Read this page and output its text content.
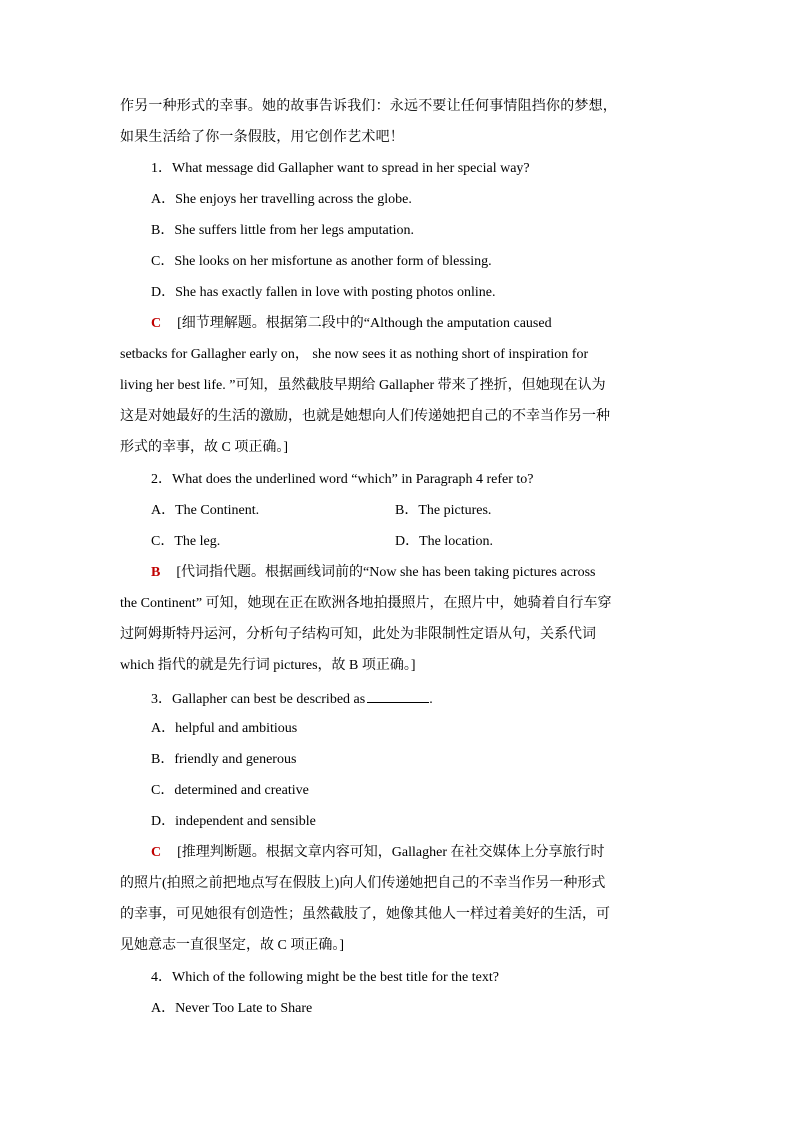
作另一种形式的幸事。她的故事告诉我们：永远不要让任何事情阻挡你的梦想，
如果生活给了你一条假肢，用它创作艺术吧！
1．What message did Gallapher want to spread in her special way?
A．She enjoys her travelling across the globe.
B．She suffers little from her legs amputation.
C．She looks on her misfortune as another form of blessing.
D．She has exactly fallen in love with posting photos online.
C [细节理解题。根据第二段中的“Although the amputation caused
setbacks for Gallagher early on， she now sees it as nothing short of inspiration for
living her best life. ”可知，虽然截肢早期给 Gallapher 带来了挫折，但她现在认为
这是对她最好的生活的激励，也就是她想向人们传递她把自己的不幸当作另一种
形式的幸事，故 C 项正确。]
2．What does the underlined word “which” in Paragraph 4 refer to?
A．The Continent.	B．The pictures.
C．The leg.	D．The location.
B [代词指代题。根据画线词前的“Now she has been taking pictures across
the Continent” 可知，她现在正在欧洲各地拍摄照片，在照片中，她骑着自行车穿
过阿姆斯特丹运河，分析句子结构可知，此处为非限制性定语从句，关系代词
which 指代的就是先行词 pictures，故 B 项正确。]
3．Gallapher can best be described as	.
A．helpful and ambitious
B．friendly and generous
C．determined and creative
D．independent and sensible
C [推理判断题。根据文章内容可知，Gallagher 在社交媒体上分享旅行时
的照片(拍照之前把地点写在假肢上)向人们传递她把自己的不幸当作另一种形式
的幸事，可见她很有创造性；虽然截肢了，她像其他人一样过着美好的生活，可
见她意志一直很坚定，故 C 项正确。]
4．Which of the following might be the best title for the text?
A．Never Too Late to Share
